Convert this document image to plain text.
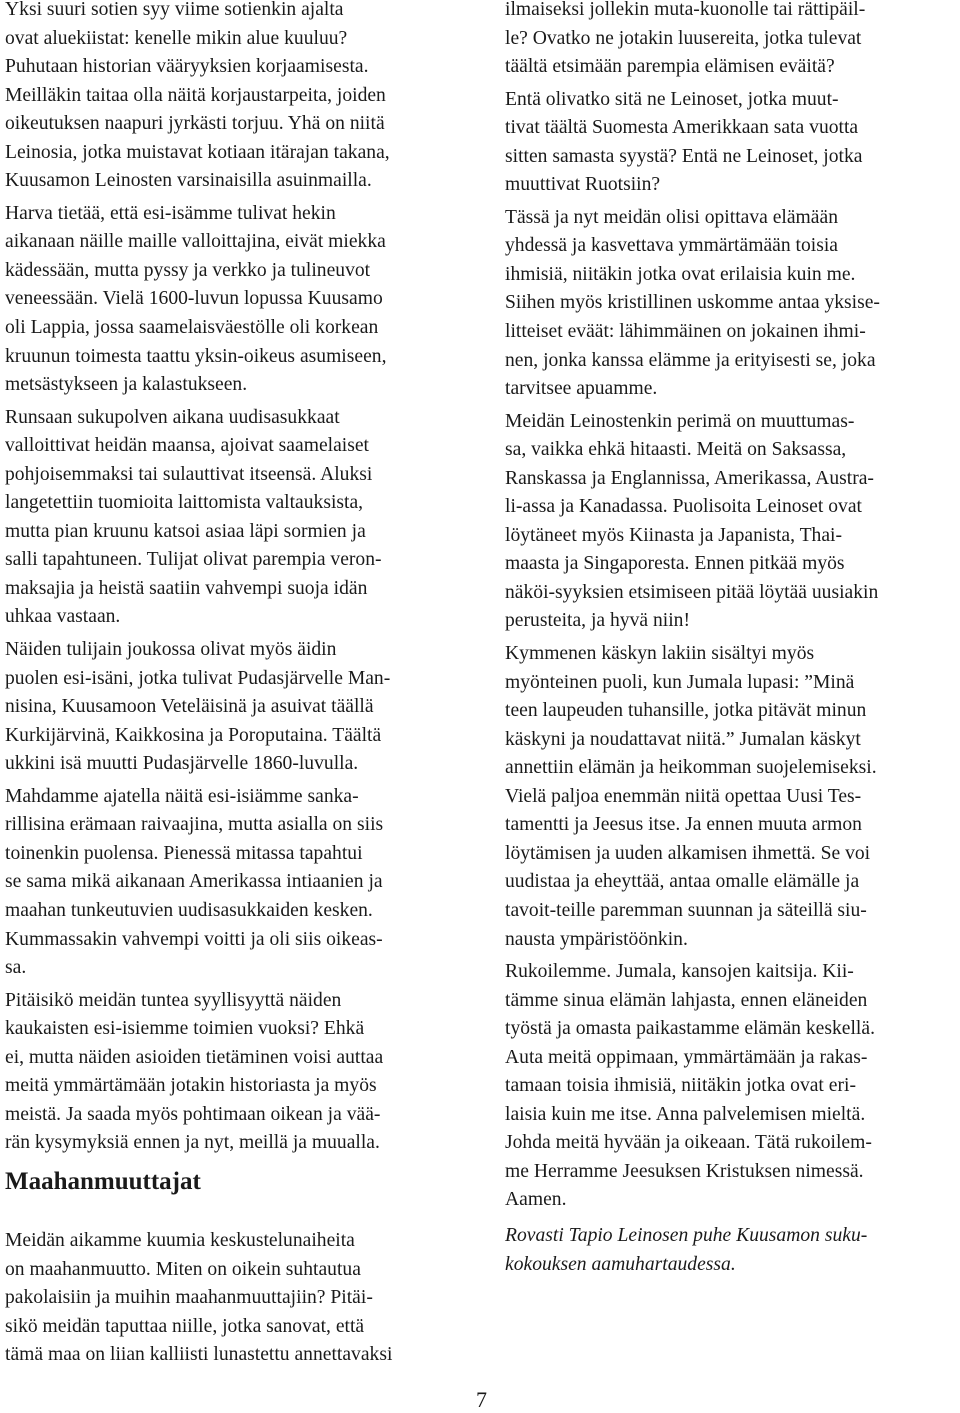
Yksi suuri sotien syy viime sotienkin ajalta

ovat aluekiistat: kenelle mikin alue kuuluu?

Puhutaan historian vääryyksien korjaamisesta.

Meilläkin taitaa olla näitä korjaustarpeita, joiden

oikeutuksen naapuri jyrkästi torjuu. Yhä on niitä

Leinosia, jotka muistavat kotiaan itärajan takana,

Kuusamon Leinosten varsinaisilla asuinmailla.

Harva tietää, että esi-isämme tulivat hekin

aikanaan näille maille valloittajina, eivät miekka

kädessään, mutta pyssy ja verkko ja tulineuvot

veneessään. Vielä 1600-luvun lopussa Kuusamo

oli Lappia, jossa saamelaisväestölle oli korkean

kruunun toimesta taattu yksin-oikeus asumiseen,

metsästykseen ja kalastukseen.

Runsaan sukupolven aikana uudisasukkaat

valloittivat heidän maansa, ajoivat saamelaiset

pohjoisemmaksi tai sulauttivat itseensä. Aluksi

langetettiin tuomioita laittomista valtauksista,

mutta pian kruunu katsoi asiaa läpi sormien ja

salli tapahtuneen. Tulijat olivat parempia veron-

maksajia ja heistä saatiin vahvempi suoja idän

uhkaa vastaan.

Näiden tulijain joukossa olivat myös äidin

puolen esi-isäni, jotka tulivat Pudasjärvelle Man-

nisina, Kuusamoon Veteläisinä ja asuivat täällä

Kurkijärvinä, Kaikkosina ja Poroputaina. Täältä

ukkini isä muutti Pudasjärvelle 1860-luvulla.

Mahdamme ajatella näitä esi-isiämme sanka-

rillisina erämaan raivaajina, mutta asialla on siis

toinenkin puolensa. Pienessä mitassa tapahtui

se sama mikä aikanaan Amerikassa intiaanien ja

maahan tunkeutuvien uudisasukkaiden kesken.

Kummassakin vahvempi voitti ja oli siis oikeas-

sa.

Pitäisikö meidän tuntea syyllisyyttä näiden

kaukaisten esi-isiemme toimien vuoksi? Ehkä

ei, mutta näiden asioiden tietäminen voisi auttaa

meitä ymmärtämään jotakin historiasta ja myös

meistä. Ja saada myös pohtimaan oikean ja vää-

rän kysymyksiä ennen ja nyt, meillä ja muualla.

Maahanmuuttajat

Meidän aikamme kuumia keskustelunaiheita

on maahanmuutto. Miten on oikein suhtautua

pakolaisiin ja muihin maahanmuuttajiin? Pitäi-

sikö meidän taputtaa niille, jotka sanovat, että

tämä maa on liian kalliisti lunastettu annettavaksi

ilmaiseksi jollekin muta-kuonolle tai rättipäil-

le? Ovatko ne jotakin luusereita, jotka tulevat

täältä etsimään parempia elämisen eväitä?

Entä olivatko sitä ne Leinoset, jotka muut-

tivat täältä Suomesta Amerikkaan sata vuotta

sitten samasta syystä? Entä ne Leinoset, jotka

muuttivat Ruotsiin?

Tässä ja nyt meidän olisi opittava elämään

yhdessä ja kasvettava ymmärtämään toisia

ihmisiä, niitäkin jotka ovat erilaisia kuin me.

Siihen myös kristillinen uskomme antaa yksise-

litteiset eväät: lähimmäinen on jokainen ihmi-

nen, jonka kanssa elämme ja erityisesti se, joka

tarvitsee apuamme.

Meidän Leinostenkin perimä on muuttumas-

sa, vaikka ehkä hitaasti. Meitä on Saksassa,

Ranskassa ja Englannissa, Amerikassa, Austra-

li-assa ja Kanadassa. Puolisoita Leinoset ovat

löytäneet myös Kiinasta ja Japanista, Thai-

maasta ja Singaporesta. Ennen pitkää myös

näköi-syyksien etsimiseen pitää löytää uusiakin

perusteita, ja hyvä niin!

Kymmenen käskyn lakiin sisältyi myös

myönteinen puoli, kun Jumala lupasi: ”Minä

teen laupeuden tuhansille, jotka pitävät minun

käskyni ja noudattavat niitä.” Jumalan käskyt

annettiin elämän ja heikomman suojelemiseksi.

Vielä paljoa enemmän niitä opettaa Uusi Tes-

tamentti ja Jeesus itse. Ja ennen muuta armon

löytämisen ja uuden alkamisen ihmettä. Se voi

uudistaa ja eheyttää, antaa omalle elämälle ja

tavoit-teille paremman suunnan ja säteillä siu-

nausta ympäristöönkin.

Rukoilemme. Jumala, kansojen kaitsija. Kii-

tämme sinua elämän lahjasta, ennen eläneiden

työstä ja omasta paikastamme elämän keskellä.

Auta meitä oppimaan, ymmärtämään ja rakas-

tamaan toisia ihmisiä, niitäkin jotka ovat eri-

laisia kuin me itse. Anna palvelemisen mieltä.

Johda meitä hyvään ja oikeaan. Tätä rukoilem-

me Herramme Jeesuksen Kristuksen nimessä.

Aamen.

Rovasti Tapio Leinosen puhe Kuusamon suku-

kokouksen aamuhartaudessa.

7
